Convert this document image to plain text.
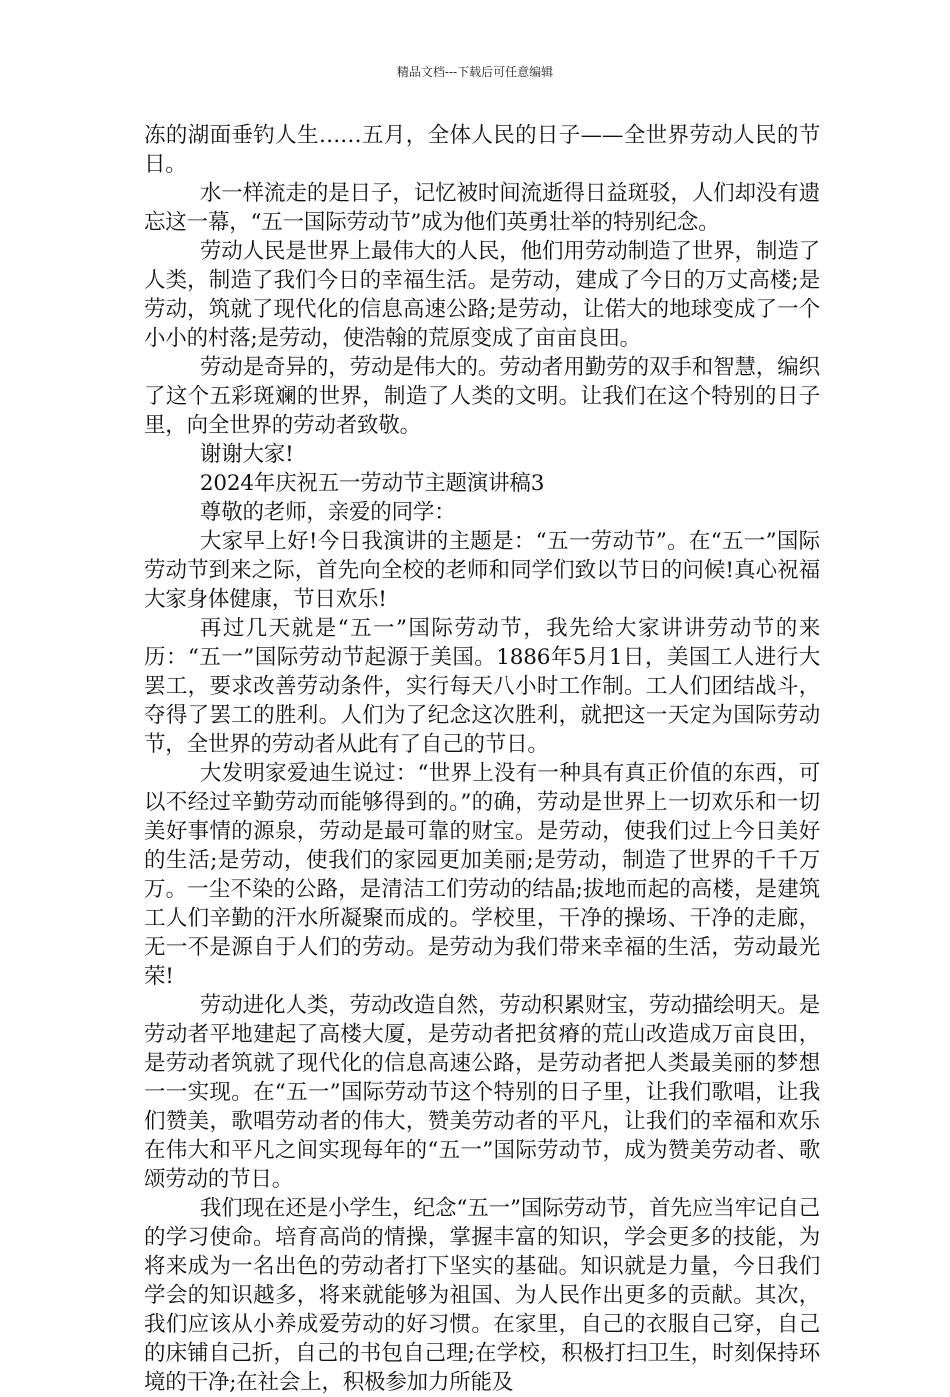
精品文档---下载后可任意编辑

冻的湖面垂钓人生……五月，全体人民的日子——全世界劳动人民的节日。

水一样流走的是日子，记忆被时间流逝得日益斑驳，人们却没有遗忘这一幕，“五一国际劳动节”成为他们英勇壮举的特别纪念。

劳动人民是世界上最伟大的人民，他们用劳动制造了世界，制造了人类，制造了我们今日的幸福生活。是劳动，建成了今日的万丈高楼;是劳动，筑就了现代化的信息高速公路;是劳动，让偌大的地球变成了一个小小的村落;是劳动，使浩翰的荒原变成了亩亩良田。

劳动是奇异的，劳动是伟大的。劳动者用勤劳的双手和智慧，编织了这个五彩斑斓的世界，制造了人类的文明。让我们在这个特别的日子里，向全世界的劳动者致敬。

谢谢大家!

2024年庆祝五一劳动节主题演讲稿3

尊敬的老师，亲爱的同学：

大家早上好!今日我演讲的主题是：“五一劳动节”。在“五一”国际劳动节到来之际，首先向全校的老师和同学们致以节日的问候!真心祝福大家身体健康，节日欢乐!

再过几天就是“五一”国际劳动节，我先给大家讲讲劳动节的来历：“五一”国际劳动节起源于美国。1886年5月1日，美国工人进行大罢工，要求改善劳动条件，实行每天八小时工作制。工人们团结战斗，夺得了罢工的胜利。人们为了纪念这次胜利，就把这一天定为国际劳动节，全世界的劳动者从此有了自己的节日。

大发明家爱迪生说过：“世界上没有一种具有真正价值的东西，可以不经过辛勤劳动而能够得到的。”的确，劳动是世界上一切欢乐和一切美好事情的源泉，劳动是最可靠的财宝。是劳动，使我们过上今日美好的生活;是劳动，使我们的家园更加美丽;是劳动，制造了世界的千千万万。一尘不染的公路，是清洁工们劳动的结晶;拔地而起的高楼，是建筑工人们辛勤的汗水所凝聚而成的。学校里，干净的操场、干净的走廊，无一不是源自于人们的劳动。是劳动为我们带来幸福的生活，劳动最光荣!

劳动进化人类，劳动改造自然，劳动积累财宝，劳动描绘明天。是劳动者平地建起了高楼大厦，是劳动者把贫瘠的荒山改造成万亩良田，是劳动者筑就了现代化的信息高速公路，是劳动者把人类最美丽的梦想一一实现。在“五一”国际劳动节这个特别的日子里，让我们歌唱，让我们赞美，歌唱劳动者的伟大，赞美劳动者的平凡，让我们的幸福和欢乐在伟大和平凡之间实现每年的“五一”国际劳动节，成为赞美劳动者、歌颂劳动的节日。

我们现在还是小学生，纪念“五一”国际劳动节，首先应当牢记自己的学习使命。培育高尚的情操，掌握丰富的知识，学会更多的技能，为将来成为一名出色的劳动者打下坚实的基础。知识就是力量，今日我们学会的知识越多，将来就能够为祖国、为人民作出更多的贡献。其次，我们应该从小养成爱劳动的好习惯。在家里，自己的衣服自己穿，自己的床铺自己折，自己的书包自己理;在学校，积极打扫卫生，时刻保持环境的干净;在社会上，积极参加力所能及
